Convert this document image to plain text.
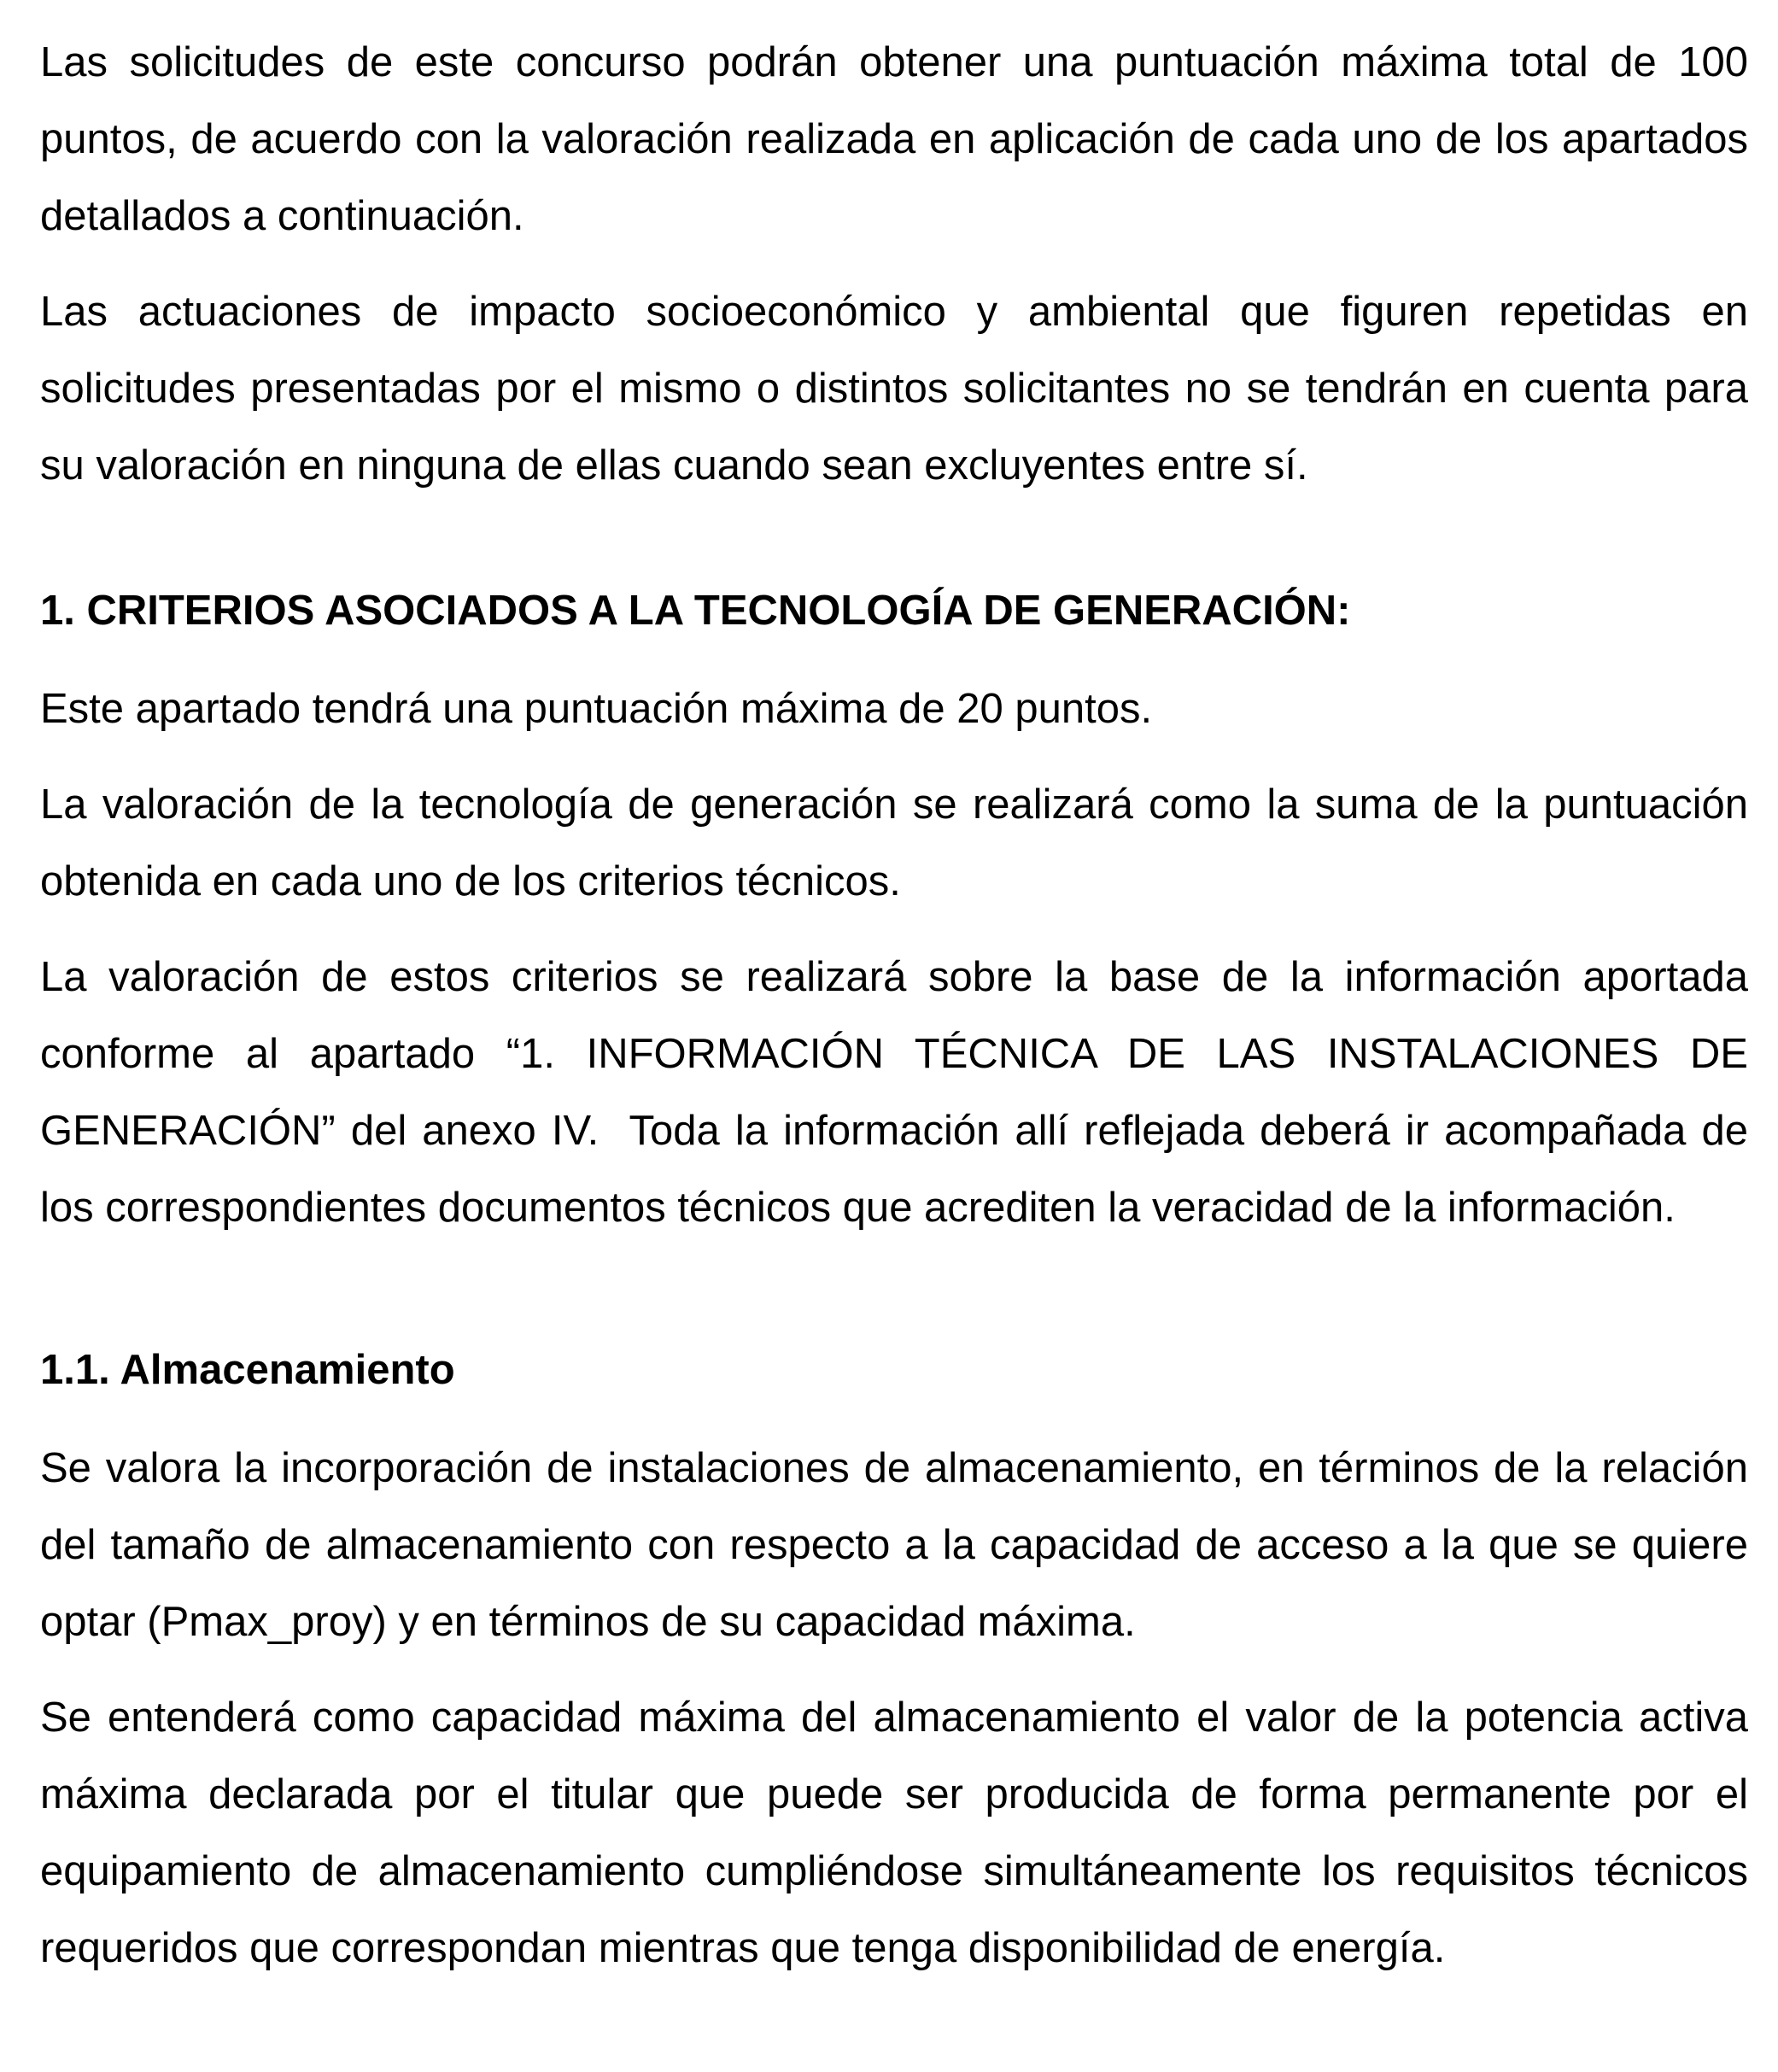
Las solicitudes de este concurso podrán obtener una puntuación máxima total de 100 puntos, de acuerdo con la valoración realizada en aplicación de cada uno de los apartados detallados a continuación.

Las actuaciones de impacto socioeconómico y ambiental que figuren repetidas en solicitudes presentadas por el mismo o distintos solicitantes no se tendrán en cuenta para su valoración en ninguna de ellas cuando sean excluyentes entre sí.

1. CRITERIOS ASOCIADOS A LA TECNOLOGÍA DE GENERACIÓN:

Este apartado tendrá una puntuación máxima de 20 puntos.

La valoración de la tecnología de generación se realizará como la suma de la puntuación obtenida en cada uno de los criterios técnicos.

La valoración de estos criterios se realizará sobre la base de la información aportada conforme al apartado “1. INFORMACIÓN TÉCNICA DE LAS INSTALACIONES DE GENERACIÓN” del anexo IV.  Toda la información allí reflejada deberá ir acompañada de los correspondientes documentos técnicos que acrediten la veracidad de la información.

1.1. Almacenamiento

Se valora la incorporación de instalaciones de almacenamiento, en términos de la relación del tamaño de almacenamiento con respecto a la capacidad de acceso a la que se quiere optar (Pmax_proy) y en términos de su capacidad máxima.

Se entenderá como capacidad máxima del almacenamiento el valor de la potencia activa máxima declarada por el titular que puede ser producida de forma permanente por el equipamiento de almacenamiento cumpliéndose simultáneamente los requisitos técnicos requeridos que correspondan mientras que tenga disponibilidad de energía.
